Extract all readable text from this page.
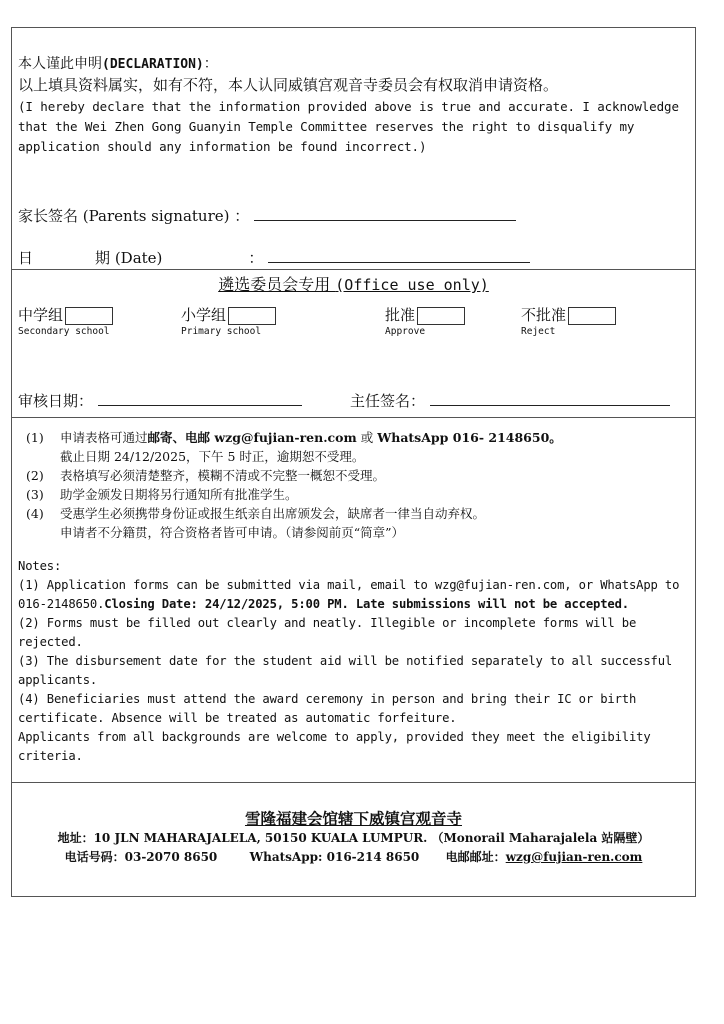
本人谨此申明(DECLARATION)：
以上填具资料属实，如有不符，本人认同威镇宫观音寺委员会有权取消申请资格。
(I hereby declare that the information provided above is true and accurate. I acknowledge
that the Wei Zhen Gong Guanyin Temple Committee reserves the right to disqualify my
application should any information be found incorrect.)
家长签名 (Parents signature) ：
日	期 (Date)	：
遴选委员会专用 (Office use only)
中学组
Secondary school
小学组
Primary school
批准
Approve
不批准
Reject
审核日期：	主任签名：
(1) 申请表格可通过邮寄、电邮 wzg@fujian-ren.com 或 WhatsApp 016- 2148650。
截止日期 24/12/2025，下午 5 时正，逾期恕不受理。
(2) 表格填写必须清楚整齐，模糊不清或不完整一概恕不受理。
(3) 助学金颁发日期将另行通知所有批准学生。
(4) 受惠学生必须携带身份证或报生纸亲自出席颁发会，缺席者一律当自动弃权。
申请者不分籍贯，符合资格者皆可申请。（请参阅前页“简章”）
Notes:
(1) Application forms can be submitted via mail, email to wzg@fujian-ren.com, or WhatsApp to 016-2148650.Closing Date: 24/12/2025, 5:00 PM. Late submissions will not be accepted.
(2) Forms must be filled out clearly and neatly. Illegible or incomplete forms will be rejected.
(3) The disbursement date for the student aid will be notified separately to all successful applicants.
(4) Beneficiaries must attend the award ceremony in person and bring their IC or birth certificate. Absence will be treated as automatic forfeiture.
Applicants from all backgrounds are welcome to apply, provided they meet the eligibility criteria.
雪隆福建会馆辖下威镇宫观音寺
地址：10 JLN MAHARAJALELA, 50150 KUALA LUMPUR. （Monorail Maharajalela 站隔壁）
电话号码：03-2070 8650	WhatsApp: 016-214 8650 电邮邮址：wzg@fujian-ren.com
